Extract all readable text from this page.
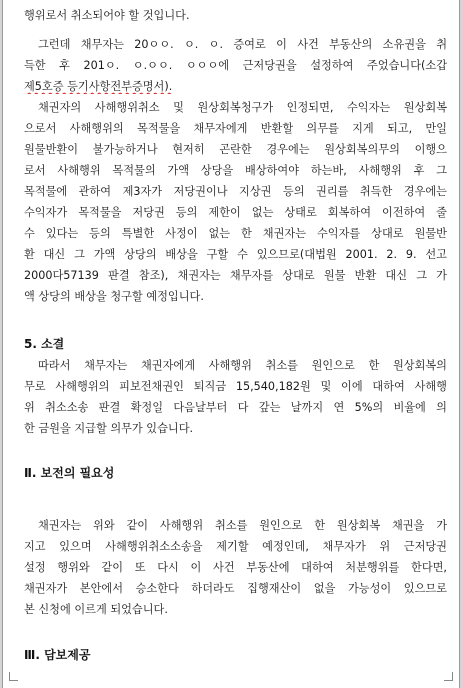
행위로서 취소되어야 할 것입니다.
그런데 채무자는 20ㅇㅇ. ㅇ. ㅇ. 증여로 이 사건 부동산의 소유권을 취
득한 후 201ㅇ. ㅇ.ㅇㅇ. ㅇㅇㅇ에 근저당권을 설정하여 주었습니다(소갑
제5호증 등기사항전부증명서).
채권자의 사해행위취소 및 원상회복청구가 인정되면, 수익자는 원상회복
으로서 사해행위의 목적물을 채무자에게 반환할 의무를 지게 되고, 만일
원물반환이 불가능하거나 현저히 곤란한 경우에는 원상회복의무의 이행으
로서 사해행위 목적물의 가액 상당을 배상하여야 하는바, 사해행위 후 그
목적물에 관하여 제3자가 저당권이나 지상권 등의 권리를 취득한 경우에는
수익자가 목적물을 저당권 등의 제한이 없는 상태로 회복하여 이전하여 줄
수 있다는 등의 특별한 사정이 없는 한 채권자는 수익자를 상대로 원물반
환 대신 그 가액 상당의 배상을 구할 수 있으므로(대법원 2001. 2. 9. 선고
2000다57139 판결 참조), 채권자는 채무자를 상대로 원물 반환 대신 그 가
액 상당의 배상을 청구할 예정입니다.
5. 소결
따라서 채무자는 채권자에게 사해행위 취소를 원인으로 한 원상회복의
무로 사해행위의 피보전채권인 퇴직금 15,540,182원 및 이에 대하여 사해행
위 취소소송 판결 확정일 다음날부터 다 갚는 날까지 연 5%의 비율에 의
한 금원을 지급할 의무가 있습니다.
Ⅱ. 보전의 필요성
채권자는 위와 같이 사해행위 취소를 원인으로 한 원상회복 채권을 가
지고 있으며 사해행위취소소송을 제기할 예정인데, 채무자가 위 근저당권
설정 행위와 같이 또 다시 이 사건 부동산에 대하여 처분행위를 한다면,
채권자가 본안에서 승소한다 하더라도 집행재산이 없을 가능성이 있으므로
본 신청에 이르게 되었습니다.
Ⅲ. 담보제공
